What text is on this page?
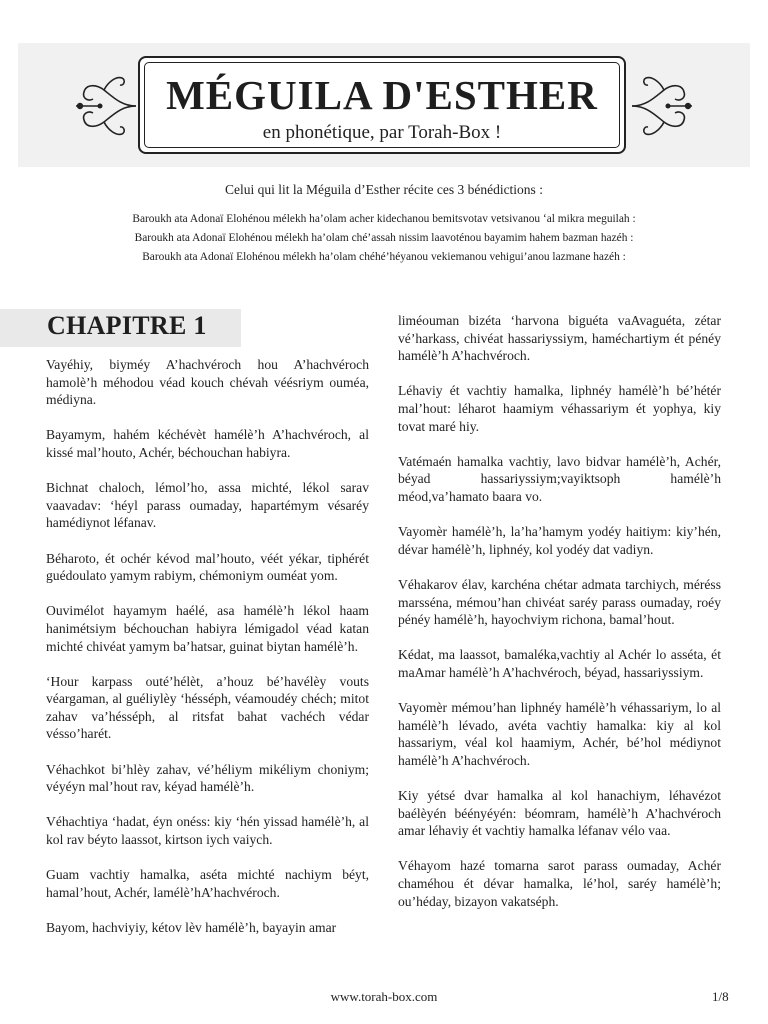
MÉGUILA D'ESTHER

en phonétique, par Torah-Box !

Celui qui lit la Méguila d’Esther récite ces 3 bénédictions :

Baroukh ata Adonaï Elohénou mélekh ha’olam acher kidechanou bemitsvotav vetsivanou ‘al mikra meguilah :

Baroukh ata Adonaï Elohénou mélekh ha’olam ché’assah nissim laavoténou bayamim hahem bazman hazéh :

Baroukh ata Adonaï Elohénou mélekh ha’olam chéhé’héyanou vekiemanou vehigui’anou lazmane hazéh :

CHAPITRE 1

Vayéhiy, biyméy A’hachvéroch hou A’hachvéroch hamolè’h méhodou véad kouch chévah véésriym ouméa, médiyna.

Bayamym, hahém kéchévèt hamélè’h A’hachvéroch, al kissé mal’houto, Achér, béchouchan habiyra.

Bichnat chaloch, lémol’ho, assa michté, lékol sarav vaavadav: ‘héyl parass oumaday, hapartémym vésaréy hamédiynot léfanav.

Béharoto, ét ochér kévod mal’houto, véét yékar, tiphérét guédoulato yamym rabiym, chémoniym ouméat yom.

Ouvimélot hayamym haélé, asa hamélè’h lékol haam hanimétsiym béchouchan habiyra lémigadol véad katan michté chivéat yamym ba’hatsar, guinat biytan hamélè’h.

‘Hour karpass outé’hélèt, a’houz bé’havélèy vouts véargaman, al guéliylèy ‘hésséph, véamoudéy chéch; mitot zahav va’hésséph, al ritsfat bahat vachéch védar vésso’harét.

Véhachkot bi’hlèy zahav, vé’héliym mikéliym choniym; véyéyn mal’hout rav, kéyad hamélè’h.

Véhachtiya ‘hadat, éyn onéss: kiy ‘hén yissad hamélè’h, al kol rav béyto laassot, kirtson iych vaiych.

Guam vachtiy hamalka, aséta michté nachiym béyt, hamal’hout, Achér, lamélè’hA’hachvéroch.

Bayom, hachviyiy, kétov lèv hamélè’h, bayayin amar

liméouman bizéta ‘harvona biguéta vaAvaguéta, zétar vé’harkass, chivéat hassariyssiym, haméchartiym ét pénéy hamélè’h A’hachvéroch.

Léhaviy ét vachtiy hamalka, liphnéy hamélè’h bé’hétér mal’hout: léharot haamiym véhassariym ét yophya, kiy tovat maré hiy.

Vatémaén hamalka vachtiy, lavo bidvar hamélè’h, Achér, béyad hassariyssiym;vayiktsoph hamélè’h méod,va’hamato baara vo.

Vayomèr hamélè’h, la’ha’hamym yodéy haitiym: kiy’hén, dévar hamélè’h, liphnéy, kol yodéy dat vadiyn.

Véhakarov élav, karchéna chétar admata tarchiych, méréss marsséna, mémou’han chivéat saréy parass oumaday, roéy pénéy hamélè’h, hayochviym richona, bamal’hout.

Kédat, ma laassot, bamaléka,vachtiy al Achér lo asséta, ét maAmar hamélè’h A’hachvéroch, béyad, hassariyssiym.

Vayomèr mémou’han liphnéy hamélè’h véhassariym, lo al hamélè’h lévado, avéta vachtiy hamalka: kiy al kol hassariym, véal kol haamiym, Achér, bé’hol médiynot hamélè’h A’hachvéroch.

Kiy yétsé dvar hamalka al kol hanachiym, léhavézot baélèyén béényéyén: béomram, hamélè’h A’hachvéroch amar léhaviy ét vachtiy hamalka léfanav vélo vaa.

Véhayom hazé tomarna sarot parass oumaday, Achér chaméhou ét dévar hamalka, lé’hol, saréy hamélè’h; ou’héday, bizayon vakatséph.

www.torah-box.com	1/8
